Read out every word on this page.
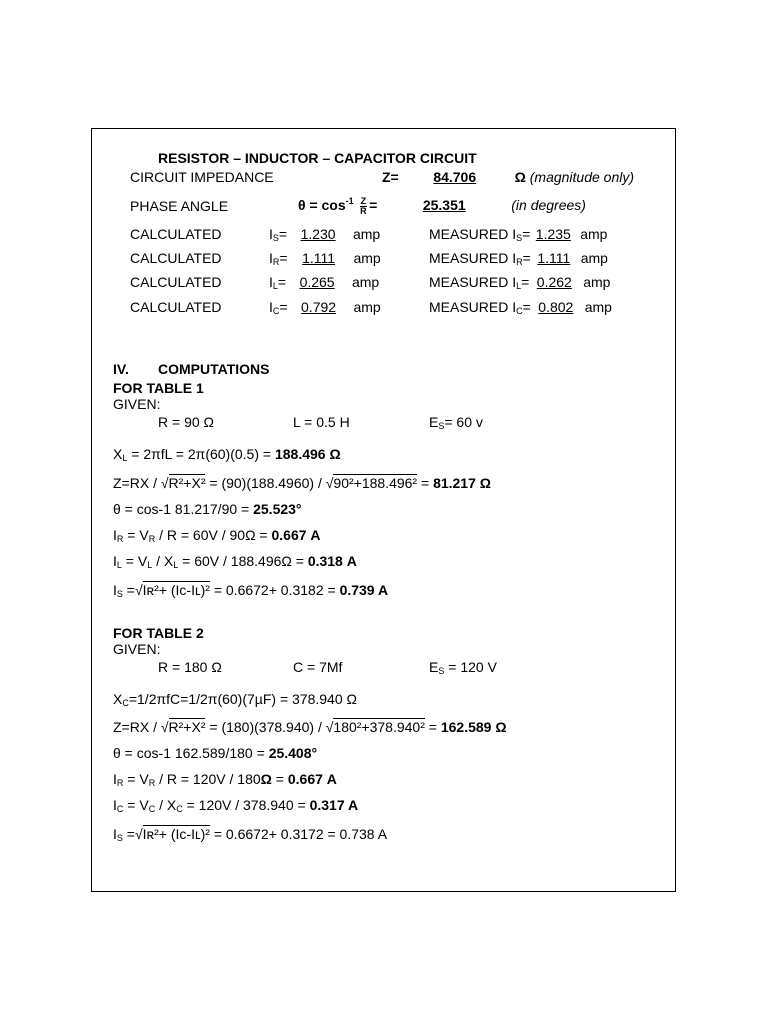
RESISTOR – INDUCTOR – CAPACITOR CIRCUIT
CIRCUIT IMPEDANCE	Z= 84.706	Ω (magnitude only)
PHASE ANGLE	$\theta = \cos^{-1} \frac{Z}{R}$ =	25.351	(in degrees)
CALCULATED	$I_S= 1.230$ amp	MEASURED $I_S= 1.235$ amp
CALCULATED	$I_R= 1.111$ amp	MEASURED $I_R= 1.111$ amp
CALCULATED	$I_L= 0.265$ amp	MEASURED $I_L= 0.262$ amp
CALCULATED	$I_C= 0.792$ amp	MEASURED $I_C= 0.802$ amp
IV. COMPUTATIONS
FOR TABLE 1
GIVEN:
R = 90 Ω	L = 0.5 H	$E_S= 60$ v
$X_L = 2\pi fL = 2\pi(60)(0.5) = 188.496$ Ω
Z=RX / √R²+X² = (90)(188.4960) / √90²+188.496² = 81.217 Ω
θ = cos-1 81.217/90 = 25.523°
$I_R = V_R / R = 60V / 90\Omega = 0.667$ A
$I_L = V_L / X_L = 60V / 188.496\Omega = 0.318$ A
$I_S$ =√Iʀ²+ (Iᴄ-Iʟ)² = 0.6672+ 0.3182 = 0.739 A
FOR TABLE 2
GIVEN:
R = 180 Ω	C = 7Mf	$E_S = 120$ V
$X_C=1/2\pi fC=1/2\pi(60)(7\mu F) = 378.940$ Ω
Z=RX / √R²+X² = (180)(378.940) / √180²+378.940² = 162.589 Ω
θ = cos-1 162.589/180 = 25.408°
$I_R = V_R / R = 120V / 180\Omega = 0.667$ A
$I_C = V_C / X_C = 120V / 378.940 = 0.317$ A
$I_S$ =√Iʀ²+ (Iᴄ-Iʟ)² = 0.6672+ 0.3172 = 0.738 A
